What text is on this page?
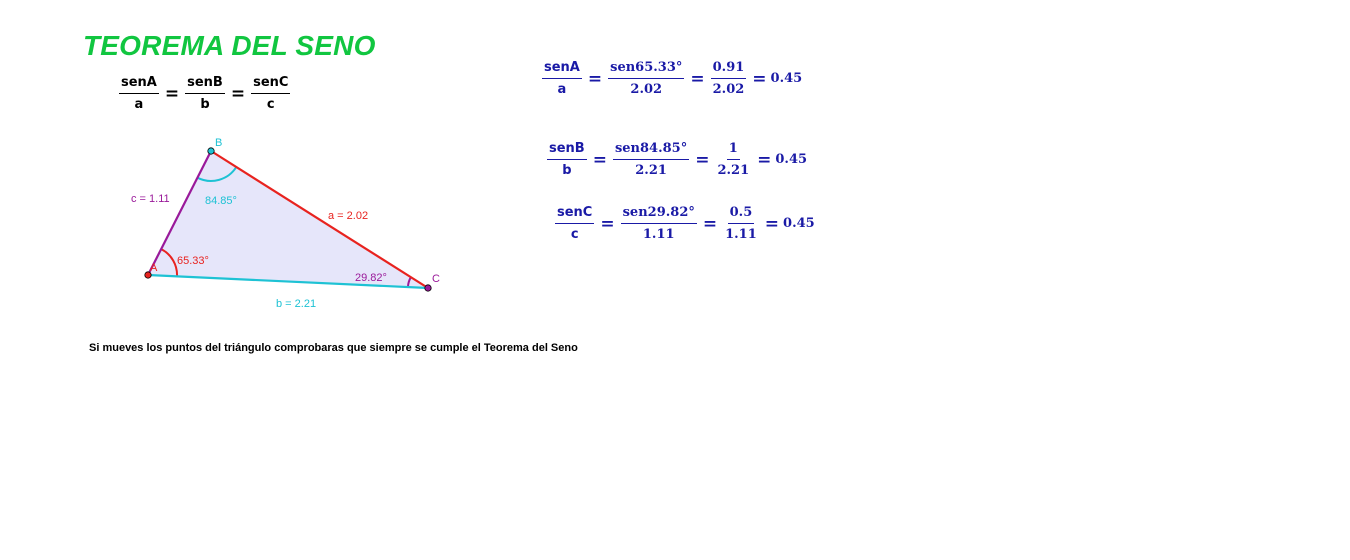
TEOREMA DEL SENO
$\frac{\text{senA}}{a} = \frac{\text{senB}}{b} = \frac{\text{senC}}{c}$	$\frac{\text{senA}}{a} = \frac{\text{sen65.33°}}{2.02} = \frac{0.91}{2.02} = 0.45$
$\frac{\text{senB}}{b} = \frac{\text{sen84.85°}}{2.21} = \frac{1}{2.21} = 0.45$
$\frac{\text{senC}}{c} = \frac{\text{sen29.82°}}{1.11} = \frac{0.5}{1.11} = 0.45$
B
A
C
c = 1.11
a = 2.02
b = 2.21
84.85°
65.33°
29.82°
Si mueves los puntos del triángulo comprobaras que siempre se cumple el Teorema del Seno
